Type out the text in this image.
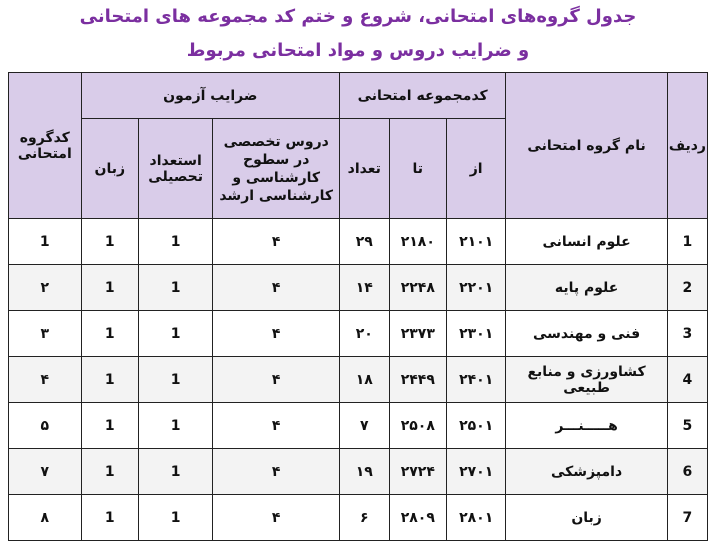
جدول گروه‌های امتحانی، شروع و ختم کد مجموعه های امتحانی
و ضرایب دروس و مواد امتحانی مربوط
ردیف	نام گروه امتحانی	کدمجموعه امتحانی			ضرایب آزمون			کدگروه امتحانی
		از	تا	تعداد	دروس تخصصی در سطوح کارشناسی و کارشناسی ارشد	استعداد تحصیلی	زبان	
1	علوم انسانی	۲۱۰۱	۲۱۸۰	۲۹	۴	1	1	1
2	علوم پایه	۲۲۰۱	۲۲۴۸	۱۴	۴	1	1	۲
3	فنی و مهندسی	۲۳۰۱	۲۳۷۳	۲۰	۴	1	1	۳
4	کشاورزی و منابع طبیعی	۲۴۰۱	۲۴۴۹	۱۸	۴	1	1	۴
5	هـــــنـــر	۲۵۰۱	۲۵۰۸	۷	۴	1	1	۵
6	دامپزشکی	۲۷۰۱	۲۷۲۴	۱۹	۴	1	1	۷
7	زبان	۲۸۰۱	۲۸۰۹	۶	۴	1	1	۸
